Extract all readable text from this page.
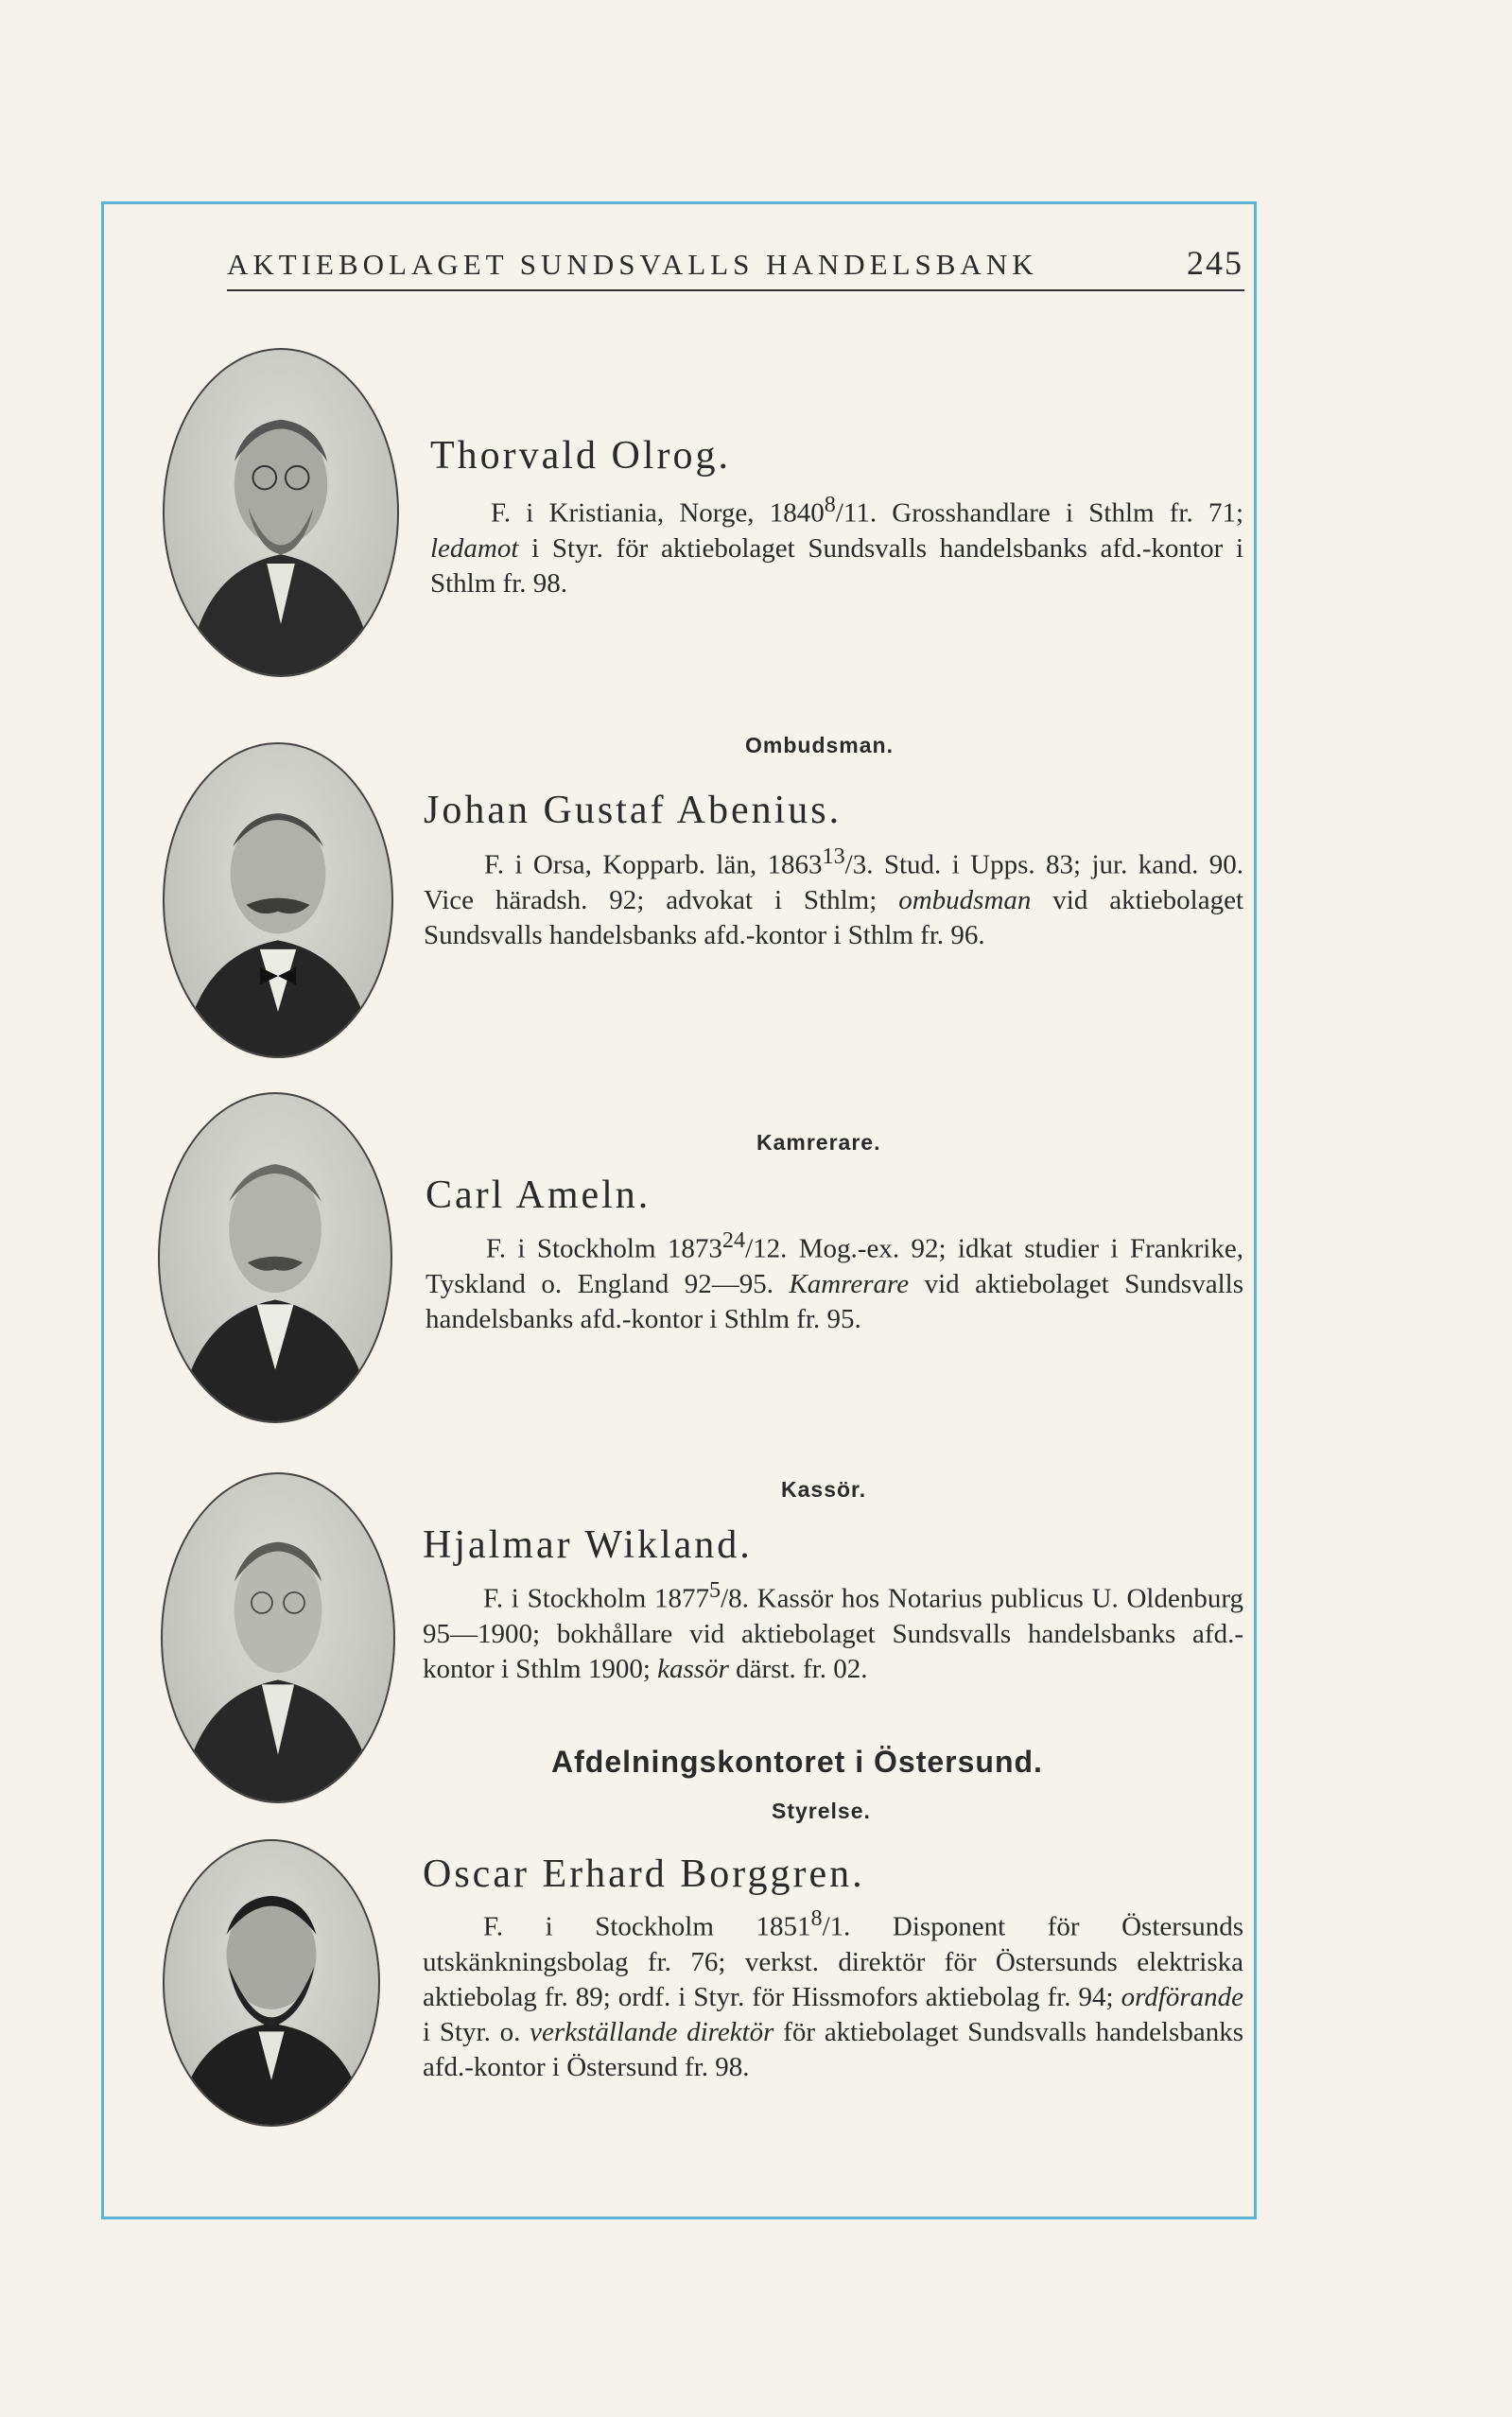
AKTIEBOLAGET SUNDSVALLS HANDELSBANK	245
Thorvald Olrog.

F. i Kristiania, Norge, 1840$^8$/11. Grosshandlare i Sthlm fr. 71; ledamot i Styr. för aktiebolaget Sundsvalls handelsbanks afd.-kontor i Sthlm fr. 98.

Ombudsman.
Johan Gustaf Abenius.

F. i Orsa, Kopparb. län, 1863$^{13}$/3. Stud. i Upps. 83; jur. kand. 90. Vice häradsh. 92; advokat i Sthlm; ombudsman vid aktiebolaget Sundsvalls handelsbanks afd.-kontor i Sthlm fr. 96.

Kamrerare.
Carl Ameln.

F. i Stockholm 1873$^{24}$/12. Mog.-ex. 92; idkat studier i Frankrike, Tyskland o. England 92—95. Kamrerare vid aktiebolaget Sundsvalls handelsbanks afd.-kontor i Sthlm fr. 95.

Kassör.
Hjalmar Wikland.

F. i Stockholm 1877$^5$/8. Kassör hos Notarius publicus U. Oldenburg 95—1900; bokhållare vid aktiebolaget Sundsvalls handelsbanks afd.-kontor i Sthlm 1900; kassör därst. fr. 02.

Afdelningskontoret i Östersund.
Styrelse.
Oscar Erhard Borggren.

F. i Stockholm 1851$^8$/1. Disponent för Östersunds utskänkningsbolag fr. 76; verkst. direktör för Östersunds elektriska aktiebolag fr. 89; ordf. i Styr. för Hissmofors aktiebolag fr. 94; ordförande i Styr. o. verkställande direktör för aktiebolaget Sundsvalls handelsbanks afd.-kontor i Östersund fr. 98.
